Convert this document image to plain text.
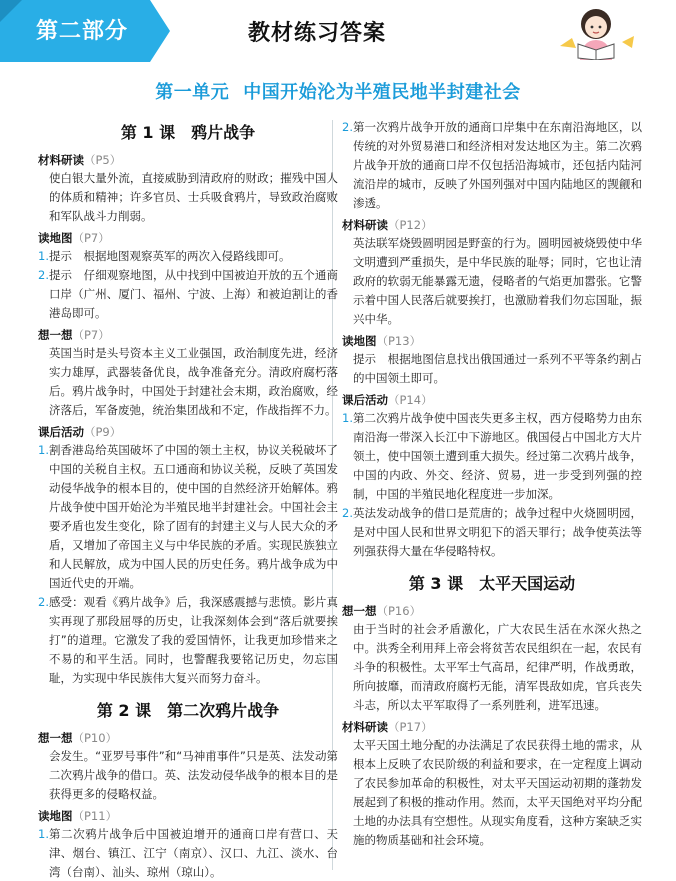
第二部分	教材练习答案
第一单元 中国开始沦为半殖民地半封建社会
第 1 课　鸦片战争
材料研读（P5）
使白银大量外流，直接威胁到清政府的财政；摧残中国人的体质和精神；许多官员、士兵吸食鸦片，导致政治腐败和军队战斗力削弱。
读地图（P7）
1. 提示　根据地图观察英军的两次入侵路线即可。
2. 提示　仔细观察地图，从中找到中国被迫开放的五个通商口岸（广州、厦门、福州、宁波、上海）和被迫割让的香港岛即可。
想一想（P7）
英国当时是头号资本主义工业强国，政治制度先进，经济实力雄厚，武器装备优良，战争准备充分。清政府腐朽落后。鸦片战争时，中国处于封建社会末期，政治腐败，经济落后，军备废弛，统治集团战和不定，作战指挥不力。
课后活动（P9）
1. 割香港岛给英国破坏了中国的领土主权，协议关税破坏了中国的关税自主权。五口通商和协议关税，反映了英国发动侵华战争的根本目的，使中国的自然经济开始解体。鸦片战争使中国开始沦为半殖民地半封建社会。中国社会主要矛盾也发生变化，除了固有的封建主义与人民大众的矛盾，又增加了帝国主义与中华民族的矛盾。实现民族独立和人民解放，成为中国人民的历史任务。鸦片战争成为中国近代史的开端。
2. 感受：观看《鸦片战争》后，我深感震撼与悲愤。影片真实再现了那段屈辱的历史，让我深刻体会到“落后就要挨打”的道理。它激发了我的爱国情怀，让我更加珍惜来之不易的和平生活。同时，也警醒我要铭记历史，勿忘国耻，为实现中华民族伟大复兴而努力奋斗。
第 2 课　第二次鸦片战争
想一想（P10）
会发生。“亚罗号事件”和“马神甫事件”只是英、法发动第二次鸦片战争的借口。英、法发动侵华战争的根本目的是获得更多的侵略权益。
读地图（P11）
1. 第二次鸦片战争后中国被迫增开的通商口岸有营口、天津、烟台、镇江、江宁（南京）、汉口、九江、淡水、台湾（台南）、汕头、琼州（琼山）。
2. 第一次鸦片战争开放的通商口岸集中在东南沿海地区，以传统的对外贸易港口和经济相对发达地区为主。第二次鸦片战争开放的通商口岸不仅包括沿海城市，还包括内陆河流沿岸的城市，反映了外国列强对中国内陆地区的觊觎和渗透。
材料研读（P12）
英法联军烧毁圆明园是野蛮的行为。圆明园被烧毁使中华文明遭到严重损失，是中华民族的耻辱；同时，它也让清政府的软弱无能暴露无遗，侵略者的气焰更加嚣张。它警示着中国人民落后就要挨打，也激励着我们勿忘国耻，振兴中华。
读地图（P13）
提示　根据地图信息找出俄国通过一系列不平等条约割占的中国领土即可。
课后活动（P14）
1. 第二次鸦片战争使中国丧失更多主权，西方侵略势力由东南沿海一带深入长江中下游地区。俄国侵占中国北方大片领土，使中国领土遭到重大损失。经过第二次鸦片战争，中国的内政、外交、经济、贸易，进一步受到列强的控制，中国的半殖民地化程度进一步加深。
2. 英法发动战争的借口是荒唐的；战争过程中火烧圆明园，是对中国人民和世界文明犯下的滔天罪行；战争使英法等列强获得大量在华侵略特权。
第 3 课　太平天国运动
想一想（P16）
由于当时的社会矛盾激化，广大农民生活在水深火热之中。洪秀全利用拜上帝会将贫苦农民组织在一起，农民有斗争的积极性。太平军士气高昂，纪律严明，作战勇敢，所向披靡，而清政府腐朽无能，清军畏敌如虎，官兵丧失斗志，所以太平军取得了一系列胜利，进军迅速。
材料研读（P17）
太平天国土地分配的办法满足了农民获得土地的需求，从根本上反映了农民阶级的利益和要求，在一定程度上调动了农民参加革命的积极性，对太平天国运动初期的蓬勃发展起到了积极的推动作用。然而，太平天国绝对平均分配土地的办法具有空想性。从现实角度看，这种方案缺乏实施的物质基础和社会环境。
